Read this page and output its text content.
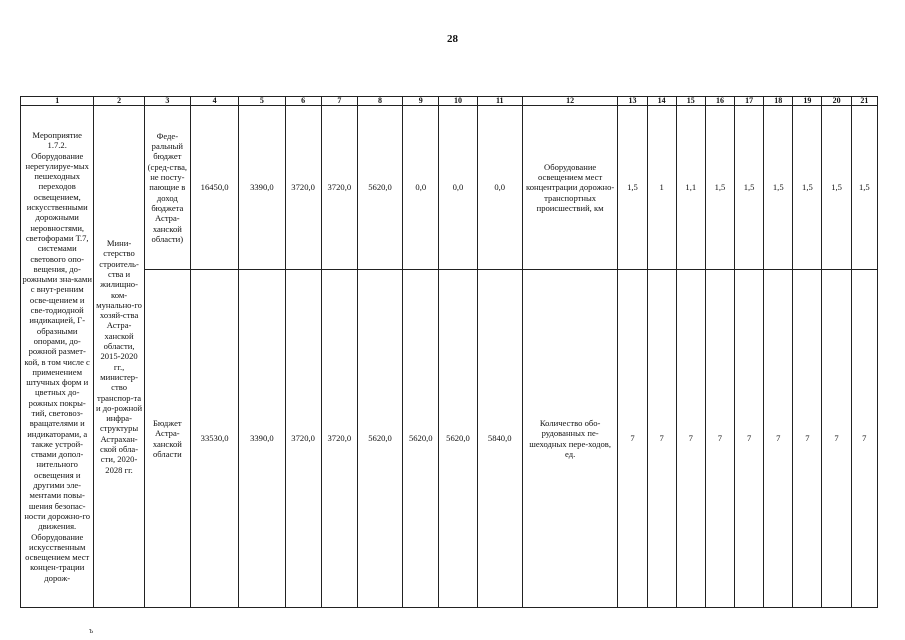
28
1	2	3	4	5	6	7	8	9	10	11	12	13	14	15	16	17	18	19	20	21
Мероприятие 1.7.2. Оборудование нерегулируе-мых пешеходных переходов освещением, искусственными дорожными неровностями, светофорами Т.7, системами светового опо-вещения, до-рожными зна-ками с внут-ренним осве-щением и све-тодиодной индикацией, Г-образными опорами, до-рожной размет-кой, в том числе с применением штучных форм и цветных до-рожных покры-тий, световоз-вращателями и индикаторами, а также устрой-ствами допол-нительного освещения и другими эле-ментами повы-шения безопас-ности дорожно-го движения. Оборудование искусственным освещением мест концен-трации дорож-	Мини-стерство строитель-ства и жилищно-ком-мунально-го хозяй-ства Астра-ханской области, 2015-2020 гг., министер-ство транспор-та и до-рожной инфра-структуры Астрахан-ской обла-сти, 2020-2028 гг.	Феде-ральный бюджет (сред-ства, не посту-пающие в доход бюджета Астра-ханской области)	16450,0	3390,0	3720,0	3720,0	5620,0	0,0	0,0	0,0	Оборудование освещением мест концентрации дорожно-транспортных происшествий, км	1,5	1	1,1	1,5	1,5	1,5	1,5	1,5	1,5
		Бюджет Астра-ханской области	33530,0	3390,0	3720,0	3720,0	5620,0	5620,0	5620,0	5840,0	Количество обо-рудованных пе-шеходных пере-ходов, ед.	7	7	7	7	7	7	7	7	7
ъ
